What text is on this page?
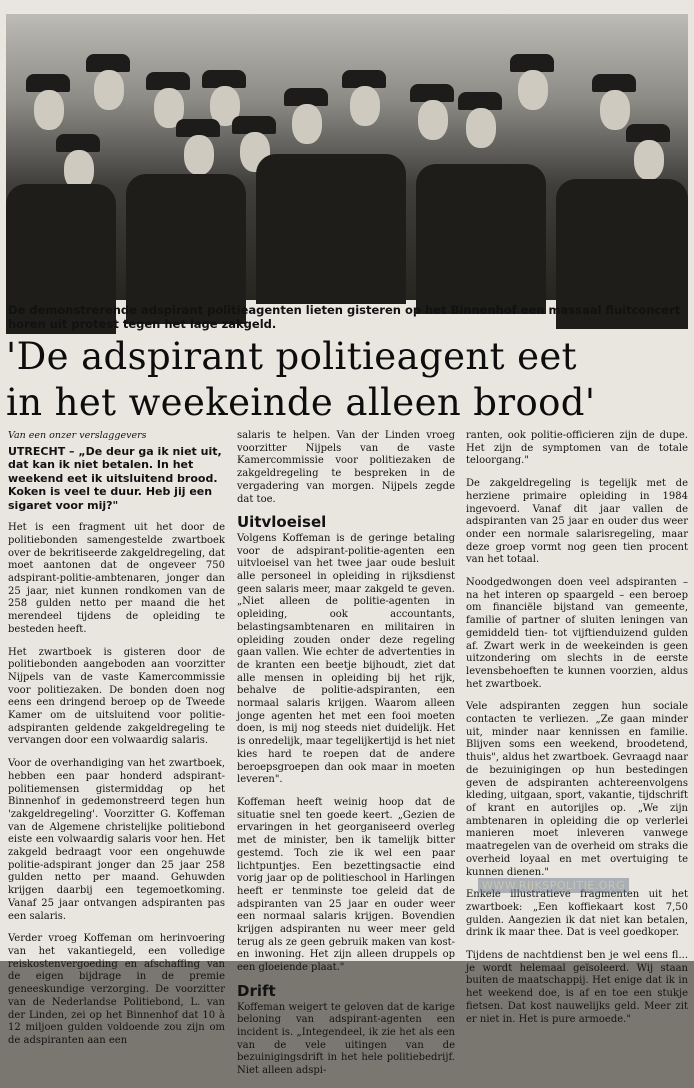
De demonstrerende adspirant politieagenten lieten gisteren op het Binnenhof een massaal fluitconcert horen uit protest tegen het lage zakgeld.
'De adspirant politieagent eet
in het weekeinde alleen brood'

Van een onzer verslaggevers

UTRECHT – „De deur ga ik niet uit, dat kan ik niet betalen. In het weekend eet ik uitsluitend brood. Koken is veel te duur. Heb jij een sigaret voor mij?"

Het is een fragment uit het door de politiebonden samengestelde zwartboek over de bekritiseerde zakgeldregeling, dat moet aantonen dat de ongeveer 750 adspirant-politie-ambtenaren, jonger dan 25 jaar, niet kunnen rondkomen van de 258 gulden netto per maand die het merendeel tijdens de opleiding te besteden heeft.

Het zwartboek is gisteren door de politiebonden aangeboden aan voorzitter Nijpels van de vaste Kamercommissie voor politiezaken. De bonden doen nog eens een dringend beroep op de Tweede Kamer om de uitsluitend voor politie-adspiranten geldende zakgeldregeling te vervangen door een volwaardig salaris.

Voor de overhandiging van het zwartboek, hebben een paar honderd adspirant-politiemensen gistermiddag op het Binnenhof in gedemonstreerd tegen hun 'zakgeldregeling'. Voorzitter G. Koffeman van de Algemene christelijke politiebond eiste een volwaardig salaris voor hen. Het zakgeld bedraagt voor een ongehuwde politie-adspirant jonger dan 25 jaar 258 gulden netto per maand. Gehuwden krijgen daarbij een tegemoetkoming. Vanaf 25 jaar ontvangen adspiranten pas een salaris.

Verder vroeg Koffeman om herinvoering van het vakantiegeld, een volledige reiskostenvergoeding en afschaffing van de eigen bijdrage in de premie geneeskundige verzorging. De voorzitter van de Nederlandse Politiebond, L. van der Linden, zei op het Binnenhof dat 10 à 12 miljoen gulden voldoende zou zijn om de adspiranten aan een

salaris te helpen. Van der Linden vroeg voorzitter Nijpels van de vaste Kamercommissie voor politiezaken de zakgeldregeling te bespreken in de vergadering van morgen. Nijpels zegde dat toe.

Uitvloeisel

Volgens Koffeman is de geringe betaling voor de adspirant-politie-agenten een uitvloeisel van het twee jaar oude besluit alle personeel in opleiding in rijksdienst geen salaris meer, maar zakgeld te geven. „Niet alleen de politie-agenten in opleiding, ook accountants, belastingsambtenaren en militairen in opleiding zouden onder deze regeling gaan vallen. Wie echter de advertenties in de kranten een beetje bijhoudt, ziet dat alle mensen in opleiding bij het rijk, behalve de politie-adspiranten, een normaal salaris krijgen. Waarom alleen jonge agenten het met een fooi moeten doen, is mij nog steeds niet duidelijk. Het is onredelijk, maar tegelijkertijd is het niet kies hard te roepen dat de andere beroepsgroepen dan ook maar in moeten leveren".

Koffeman heeft weinig hoop dat de situatie snel ten goede keert. „Gezien de ervaringen in het georganiseerd overleg met de minister, ben ik tamelijk bitter gestemd. Toch zie ik wel een paar lichtpuntjes. Een bezettingsactie eind vorig jaar op de politieschool in Harlingen heeft er tenminste toe geleid dat de adspiranten van 25 jaar en ouder weer een normaal salaris krijgen. Bovendien krijgen adspiranten nu weer meer geld terug als ze geen gebruik maken van kost- en inwoning. Het zijn alleen druppels op een gloeiende plaat."

Drift

Koffeman weigert te geloven dat de karige beloning van adspirant-agenten een incident is. „Integendeel, ik zie het als een van de vele uitingen van de bezuinigingsdrift in het hele politiebedrijf. Niet alleen adspi-

ranten, ook politie-officieren zijn de dupe. Het zijn de symptomen van de totale teloorgang."

De zakgeldregeling is tegelijk met de herziene primaire opleiding in 1984 ingevoerd. Vanaf dit jaar vallen de adspiranten van 25 jaar en ouder dus weer onder een normale salarisregeling, maar deze groep vormt nog geen tien procent van het totaal.

Noodgedwongen doen veel adspiranten – na het interen op spaargeld – een beroep om financiële bijstand van gemeente, familie of partner of sluiten leningen van gemiddeld tien- tot vijftienduizend gulden af. Zwart werk in de weekeinden is geen uitzondering om slechts in de eerste levensbehoeften te kunnen voorzien, aldus het zwartboek.

Vele adspiranten zeggen hun sociale contacten te verliezen. „Ze gaan minder uit, minder naar kennissen en familie. Blijven soms een weekend, broodetend, thuis", aldus het zwartboek. Gevraagd naar de bezuinigingen op hun bestedingen geven de adspiranten achtereenvolgens kleding, uitgaan, sport, vakantie, tijdschrift of krant en autorijles op. „We zijn ambtenaren in opleiding die op verlerlei manieren moet inleveren vanwege maatregelen van de overheid om straks die overheid loyaal en met overtuiging te kunnen dienen."

Enkele illustratieve fragmenten uit het zwartboek: „Een koffiekaart kost 7,50 gulden. Aangezien ik dat niet kan betalen, drink ik maar thee. Dat is veel goedkoper.

Tijdens de nachtdienst ben je wel eens fl... je wordt helemaal geïsoleerd. Wij staan buiten de maatschappij. Het enige dat ik in het weekend doe, is af en toe een stukje fietsen. Dat kost nauwelijks geld. Meer zit er niet in. Het is pure armoede."

WWW.RIJKSPOLITIE.ORG
